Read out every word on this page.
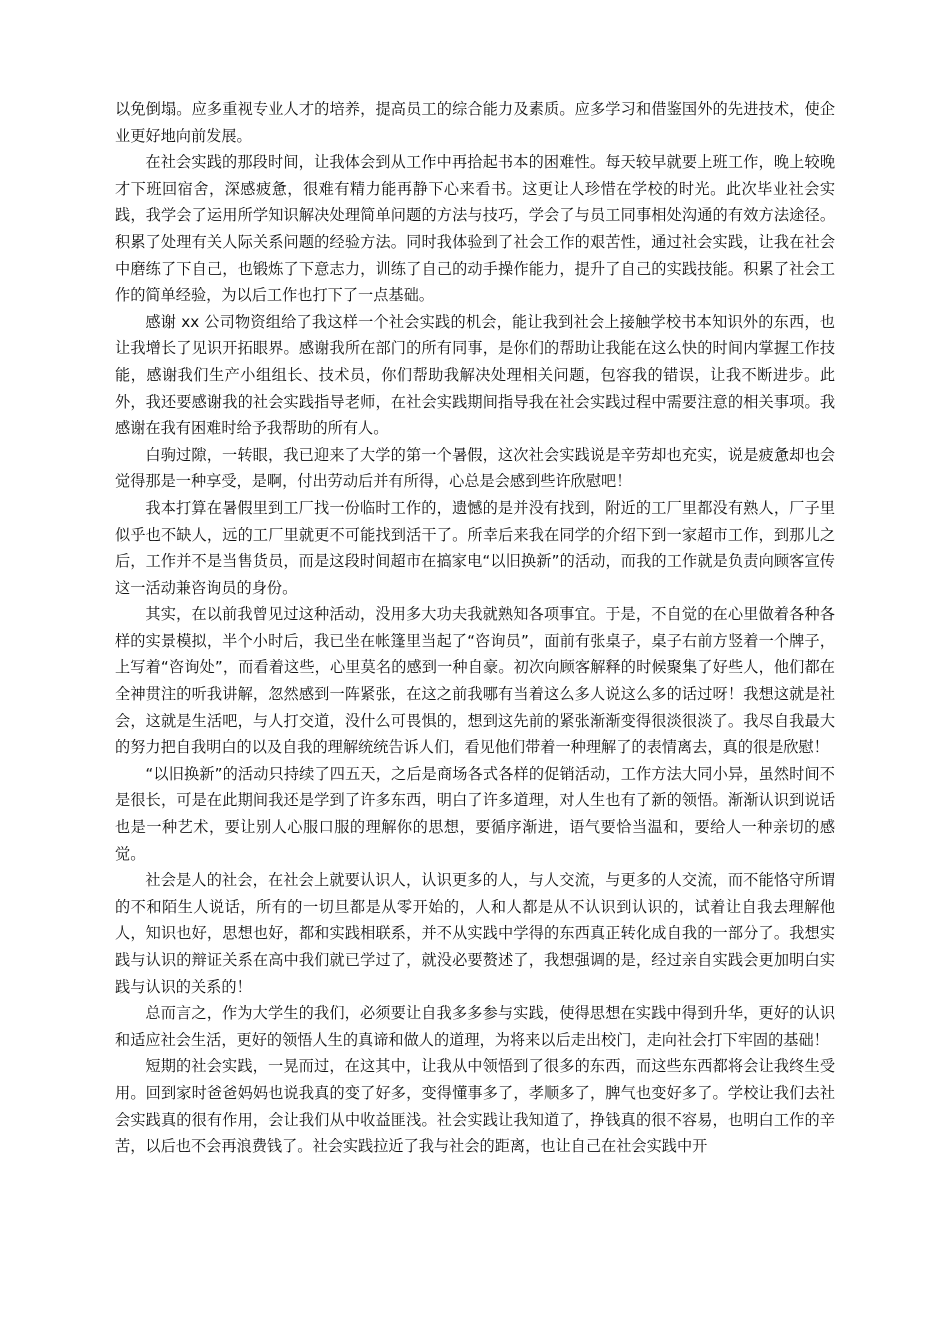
以免倒塌。应多重视专业人才的培养，提高员工的综合能力及素质。应多学习和借鉴国外的先进技术，使企业更好地向前发展。

在社会实践的那段时间，让我体会到从工作中再拾起书本的困难性。每天较早就要上班工作，晚上较晚才下班回宿舍，深感疲惫，很难有精力能再静下心来看书。这更让人珍惜在学校的时光。此次毕业社会实践，我学会了运用所学知识解决处理简单问题的方法与技巧，学会了与员工同事相处沟通的有效方法途径。积累了处理有关人际关系问题的经验方法。同时我体验到了社会工作的艰苦性，通过社会实践，让我在社会中磨练了下自己，也锻炼了下意志力，训练了自己的动手操作能力，提升了自己的实践技能。积累了社会工作的简单经验，为以后工作也打下了一点基础。

感谢 xx 公司物资组给了我这样一个社会实践的机会，能让我到社会上接触学校书本知识外的东西，也让我增长了见识开拓眼界。感谢我所在部门的所有同事，是你们的帮助让我能在这么快的时间内掌握工作技能，感谢我们生产小组组长、技术员，你们帮助我解决处理相关问题，包容我的错误，让我不断进步。此外，我还要感谢我的社会实践指导老师，在社会实践期间指导我在社会实践过程中需要注意的相关事项。我感谢在我有困难时给予我帮助的所有人。

白驹过隙，一转眼，我已迎来了大学的第一个暑假，这次社会实践说是辛劳却也充实，说是疲惫却也会觉得那是一种享受，是啊，付出劳动后并有所得，心总是会感到些许欣慰吧！

我本打算在暑假里到工厂找一份临时工作的，遗憾的是并没有找到，附近的工厂里都没有熟人，厂子里似乎也不缺人，远的工厂里就更不可能找到活干了。所幸后来我在同学的介绍下到一家超市工作，到那儿之后，工作并不是当售货员，而是这段时间超市在搞家电“以旧换新”的活动，而我的工作就是负责向顾客宣传这一活动兼咨询员的身份。

其实，在以前我曾见过这种活动，没用多大功夫我就熟知各项事宜。于是，不自觉的在心里做着各种各样的实景模拟，半个小时后，我已坐在帐篷里当起了“咨询员”，面前有张桌子，桌子右前方竖着一个牌子，上写着“咨询处”，而看着这些，心里莫名的感到一种自豪。初次向顾客解释的时候聚集了好些人，他们都在全神贯注的听我讲解，忽然感到一阵紧张，在这之前我哪有当着这么多人说这么多的话过呀！我想这就是社会，这就是生活吧，与人打交道，没什么可畏惧的，想到这先前的紧张渐渐变得很淡很淡了。我尽自我最大的努力把自我明白的以及自我的理解统统告诉人们，看见他们带着一种理解了的表情离去，真的很是欣慰！

“以旧换新”的活动只持续了四五天，之后是商场各式各样的促销活动，工作方法大同小异，虽然时间不是很长，可是在此期间我还是学到了许多东西，明白了许多道理，对人生也有了新的领悟。渐渐认识到说话也是一种艺术，要让别人心服口服的理解你的思想，要循序渐进，语气要恰当温和，要给人一种亲切的感觉。

社会是人的社会，在社会上就要认识人，认识更多的人，与人交流，与更多的人交流，而不能恪守所谓的不和陌生人说话，所有的一切旦都是从零开始的，人和人都是从不认识到认识的，试着让自我去理解他人，知识也好，思想也好，都和实践相联系，并不从实践中学得的东西真正转化成自我的一部分了。我想实践与认识的辩证关系在高中我们就已学过了，就没必要赘述了，我想强调的是，经过亲自实践会更加明白实践与认识的关系的！

总而言之，作为大学生的我们，必须要让自我多多参与实践，使得思想在实践中得到升华，更好的认识和适应社会生活，更好的领悟人生的真谛和做人的道理，为将来以后走出校门，走向社会打下牢固的基础！

短期的社会实践，一晃而过，在这其中，让我从中领悟到了很多的东西，而这些东西都将会让我终生受用。回到家时爸爸妈妈也说我真的变了好多，变得懂事多了，孝顺多了，脾气也变好多了。学校让我们去社会实践真的很有作用，会让我们从中收益匪浅。社会实践让我知道了，挣钱真的很不容易，也明白工作的辛苦，以后也不会再浪费钱了。社会实践拉近了我与社会的距离，也让自己在社会实践中开
